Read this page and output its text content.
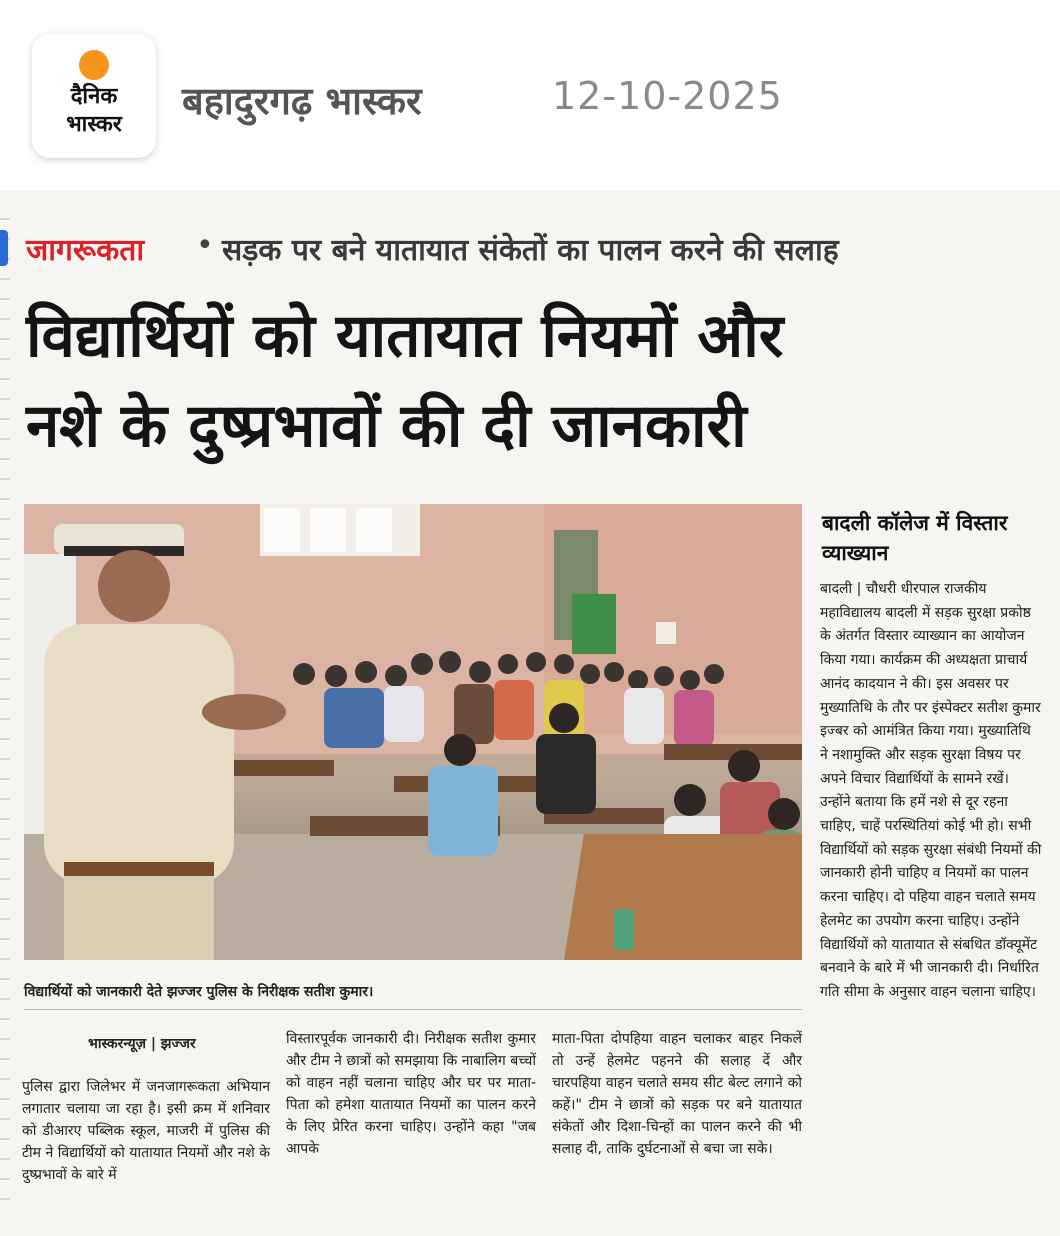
दैनिक
भास्कर
बहादुरगढ़ भास्कर	12-10-2025
जागरूकता • सड़क पर बने यातायात संकेतों का पालन करने की सलाह
विद्यार्थियों को यातायात नियमों और
नशे के दुष्प्रभावों की दी जानकारी
विद्यार्थियों को जानकारी देते झज्जर पुलिस के निरीक्षक सतीश कुमार।
बादली कॉलेज में विस्तार व्याख्यान
बादली | चौधरी धीरपाल राजकीय महाविद्यालय बादली में सड़क सुरक्षा प्रकोष्ठ के अंतर्गत विस्तार व्याख्यान का आयोजन किया गया। कार्यक्रम की अध्यक्षता प्राचार्य आनंद कादयान ने की। इस अवसर पर मुख्यातिथि के तौर पर इंस्पेक्टर सतीश कुमार इज्बर को आमंत्रित किया गया। मुख्यातिथि ने नशामुक्ति और सड़क सुरक्षा विषय पर अपने विचार विद्यार्थियों के सामने रखें। उन्होंने बताया कि हमें नशे से दूर रहना चाहिए, चाहें परस्थितियां कोई भी हो। सभी विद्यार्थियों को सड़क सुरक्षा संबंधी नियमों की जानकारी होनी चाहिए व नियमों का पालन करना चाहिए। दो पहिया वाहन चलाते समय हेलमेट का उपयोग करना चाहिए। उन्होंने विद्यार्थियों को यातायात से संबधित डॉक्यूमेंट बनवाने के बारे में भी जानकारी दी। निर्धारित गति सीमा के अनुसार वाहन चलाना चाहिए।
भास्करन्यूज़ | झज्जर
पुलिस द्वारा जिलेभर में जनजागरूकता अभियान लगातार चलाया जा रहा है। इसी क्रम में शनिवार को डीआरए पब्लिक स्कूल, माजरी में पुलिस की टीम ने विद्यार्थियों को यातायात नियमों और नशे के दुष्प्रभावों के बारे में
विस्तारपूर्वक जानकारी दी। निरीक्षक सतीश कुमार और टीम ने छात्रों को समझाया कि नाबालिग बच्चों को वाहन नहीं चलाना चाहिए और घर पर माता-पिता को हमेशा यातायात नियमों का पालन करने के लिए प्रेरित करना चाहिए। उन्होंने कहा "जब आपके
माता-पिता दोपहिया वाहन चलाकर बाहर निकलें तो उन्हें हेलमेट पहनने की सलाह दें और चारपहिया वाहन चलाते समय सीट बेल्ट लगाने को कहें।" टीम ने छात्रों को सड़क पर बने यातायात संकेतों और दिशा-चिन्हों का पालन करने की भी सलाह दी, ताकि दुर्घटनाओं से बचा जा सके।
